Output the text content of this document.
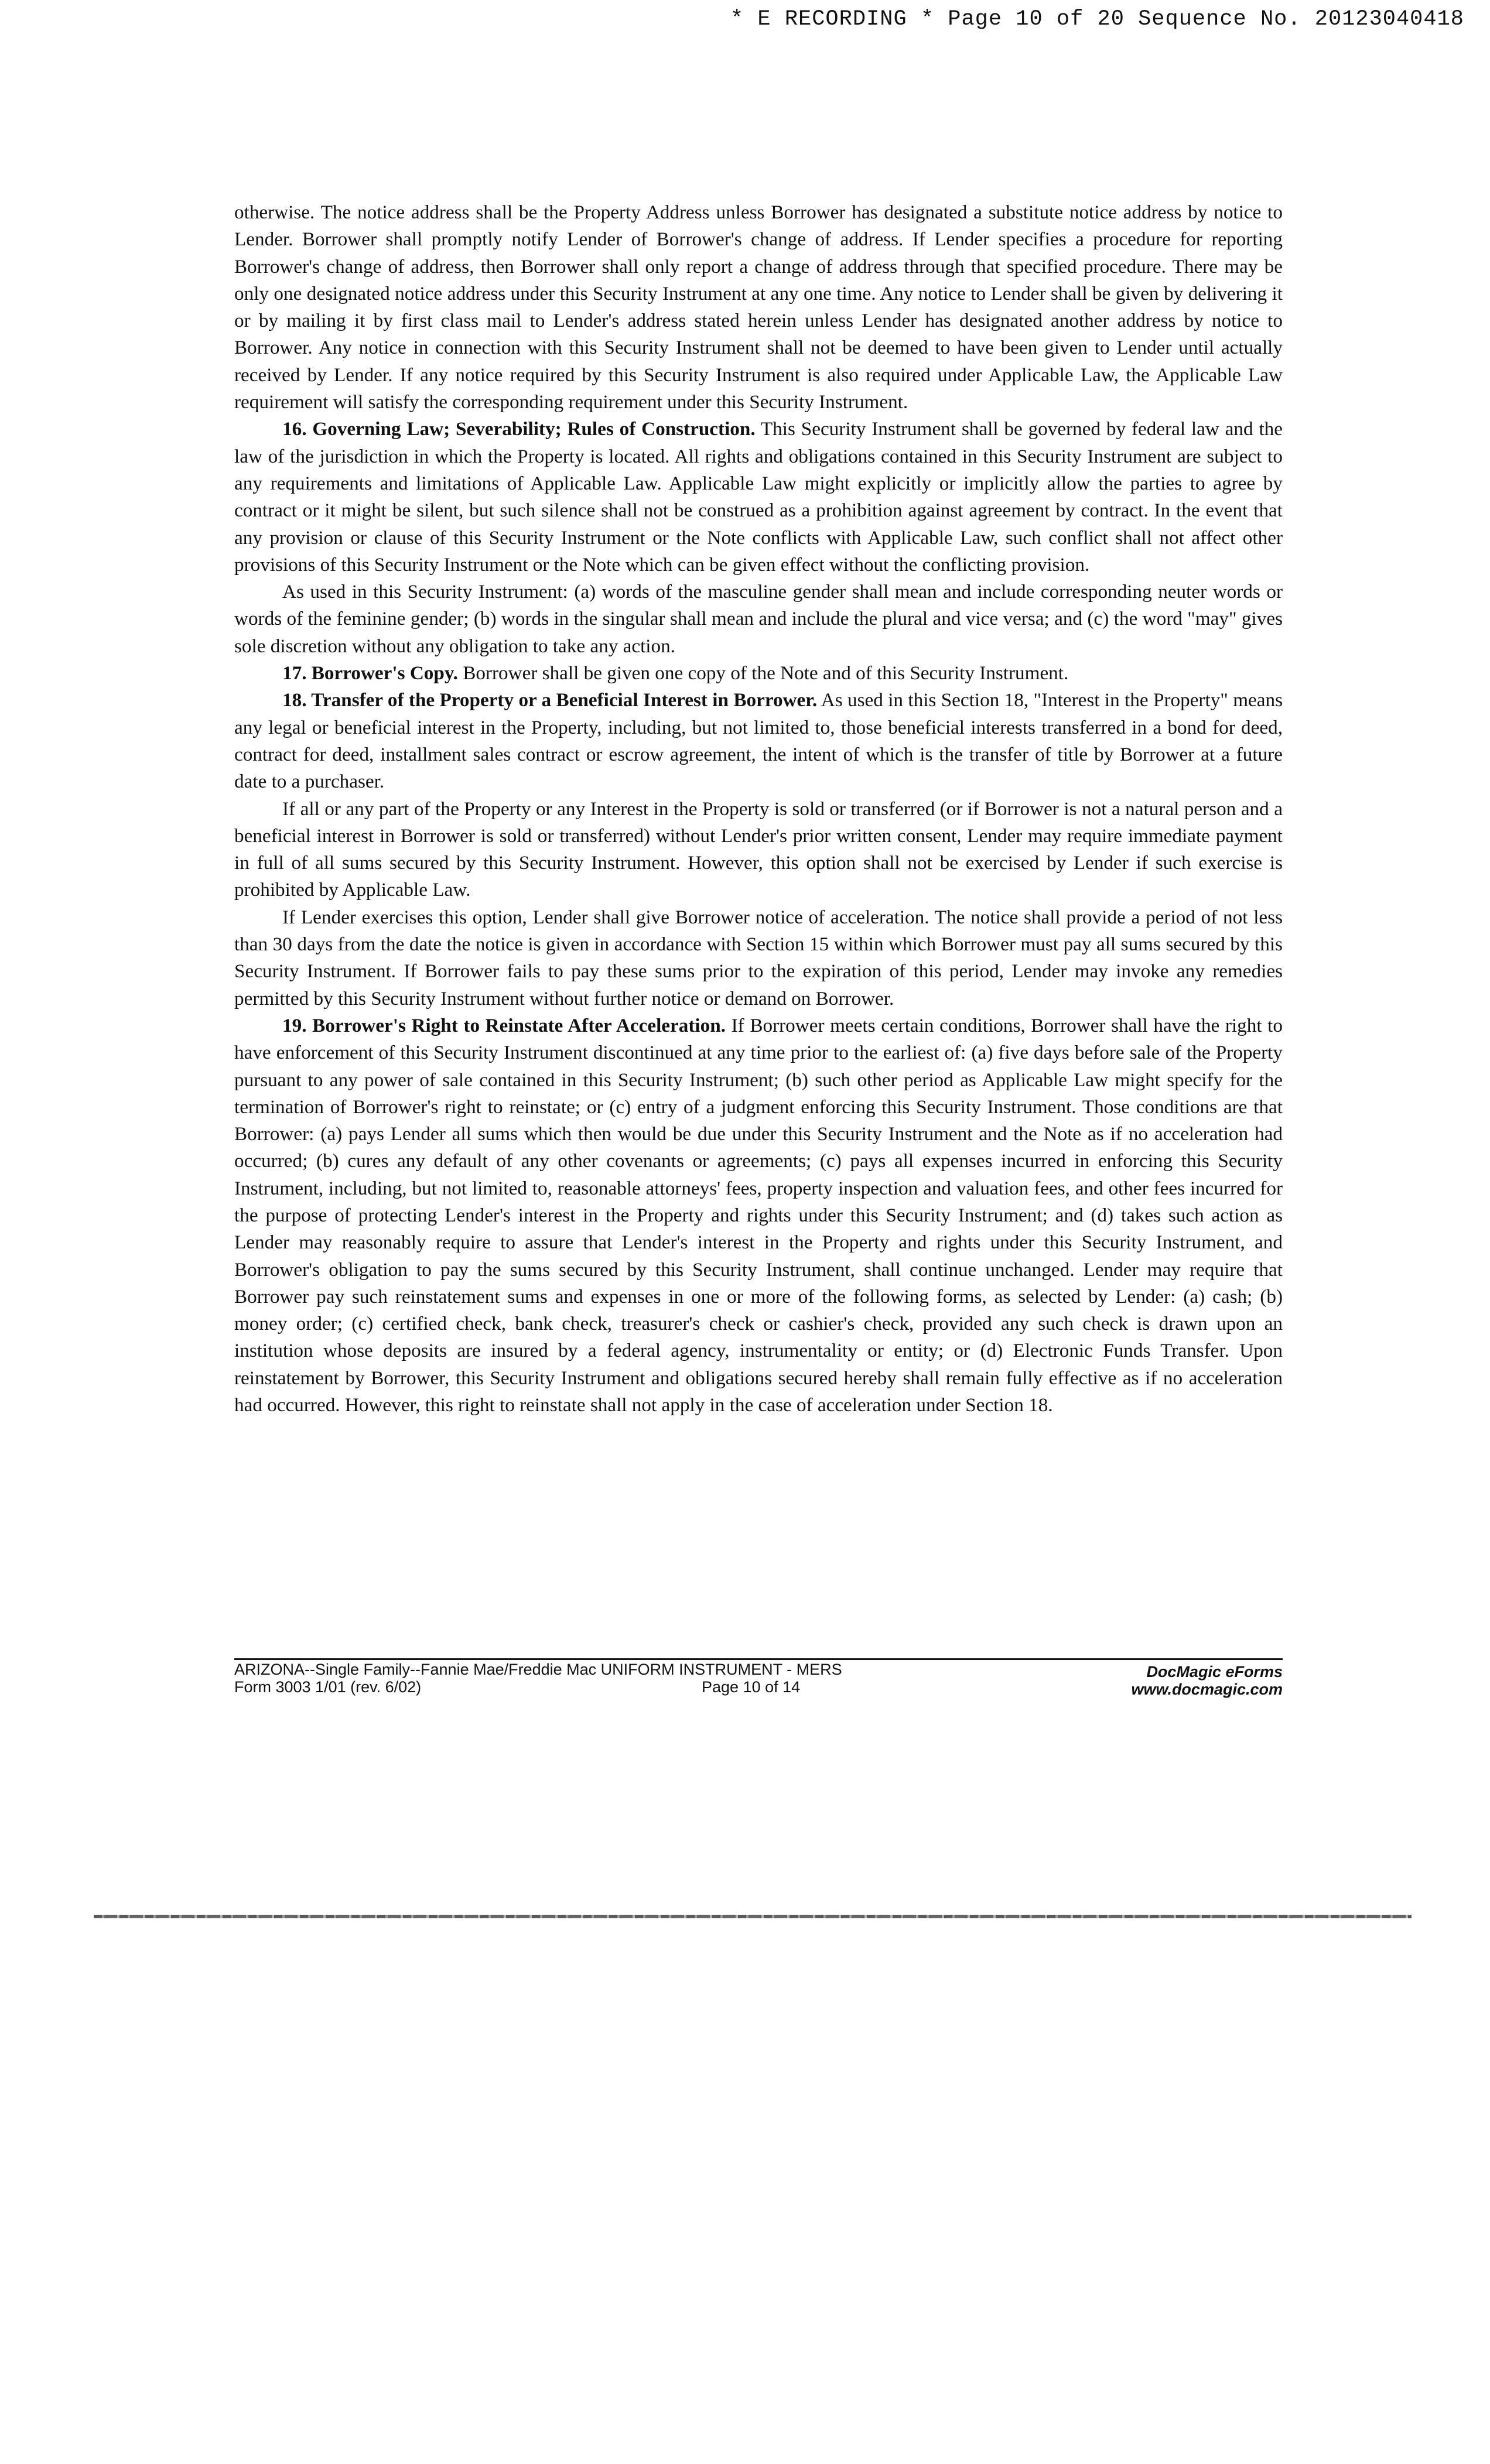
* E RECORDING * Page 10 of 20 Sequence No. 20123040418

otherwise. The notice address shall be the Property Address unless Borrower has designated a substitute notice address by notice to Lender. Borrower shall promptly notify Lender of Borrower's change of address. If Lender specifies a procedure for reporting Borrower's change of address, then Borrower shall only report a change of address through that specified procedure. There may be only one designated notice address under this Security Instrument at any one time. Any notice to Lender shall be given by delivering it or by mailing it by first class mail to Lender's address stated herein unless Lender has designated another address by notice to Borrower. Any notice in connection with this Security Instrument shall not be deemed to have been given to Lender until actually received by Lender. If any notice required by this Security Instrument is also required under Applicable Law, the Applicable Law requirement will satisfy the corresponding requirement under this Security Instrument.

16. Governing Law; Severability; Rules of Construction. This Security Instrument shall be governed by federal law and the law of the jurisdiction in which the Property is located. All rights and obligations contained in this Security Instrument are subject to any requirements and limitations of Applicable Law. Applicable Law might explicitly or implicitly allow the parties to agree by contract or it might be silent, but such silence shall not be construed as a prohibition against agreement by contract. In the event that any provision or clause of this Security Instrument or the Note conflicts with Applicable Law, such conflict shall not affect other provisions of this Security Instrument or the Note which can be given effect without the conflicting provision.

As used in this Security Instrument: (a) words of the masculine gender shall mean and include corresponding neuter words or words of the feminine gender; (b) words in the singular shall mean and include the plural and vice versa; and (c) the word "may" gives sole discretion without any obligation to take any action.

17. Borrower's Copy. Borrower shall be given one copy of the Note and of this Security Instrument.

18. Transfer of the Property or a Beneficial Interest in Borrower. As used in this Section 18, "Interest in the Property" means any legal or beneficial interest in the Property, including, but not limited to, those beneficial interests transferred in a bond for deed, contract for deed, installment sales contract or escrow agreement, the intent of which is the transfer of title by Borrower at a future date to a purchaser.

If all or any part of the Property or any Interest in the Property is sold or transferred (or if Borrower is not a natural person and a beneficial interest in Borrower is sold or transferred) without Lender's prior written consent, Lender may require immediate payment in full of all sums secured by this Security Instrument. However, this option shall not be exercised by Lender if such exercise is prohibited by Applicable Law.

If Lender exercises this option, Lender shall give Borrower notice of acceleration. The notice shall provide a period of not less than 30 days from the date the notice is given in accordance with Section 15 within which Borrower must pay all sums secured by this Security Instrument. If Borrower fails to pay these sums prior to the expiration of this period, Lender may invoke any remedies permitted by this Security Instrument without further notice or demand on Borrower.

19. Borrower's Right to Reinstate After Acceleration. If Borrower meets certain conditions, Borrower shall have the right to have enforcement of this Security Instrument discontinued at any time prior to the earliest of: (a) five days before sale of the Property pursuant to any power of sale contained in this Security Instrument; (b) such other period as Applicable Law might specify for the termination of Borrower's right to reinstate; or (c) entry of a judgment enforcing this Security Instrument. Those conditions are that Borrower: (a) pays Lender all sums which then would be due under this Security Instrument and the Note as if no acceleration had occurred; (b) cures any default of any other covenants or agreements; (c) pays all expenses incurred in enforcing this Security Instrument, including, but not limited to, reasonable attorneys' fees, property inspection and valuation fees, and other fees incurred for the purpose of protecting Lender's interest in the Property and rights under this Security Instrument; and (d) takes such action as Lender may reasonably require to assure that Lender's interest in the Property and rights under this Security Instrument, and Borrower's obligation to pay the sums secured by this Security Instrument, shall continue unchanged. Lender may require that Borrower pay such reinstatement sums and expenses in one or more of the following forms, as selected by Lender: (a) cash; (b) money order; (c) certified check, bank check, treasurer's check or cashier's check, provided any such check is drawn upon an institution whose deposits are insured by a federal agency, instrumentality or entity; or (d) Electronic Funds Transfer. Upon reinstatement by Borrower, this Security Instrument and obligations secured hereby shall remain fully effective as if no acceleration had occurred. However, this right to reinstate shall not apply in the case of acceleration under Section 18.

ARIZONA--Single Family--Fannie Mae/Freddie Mac UNIFORM INSTRUMENT - MERS
Form 3003 1/01 (rev. 6/02)	Page 10 of 14
DocMagic eForms
www.docmagic.com
